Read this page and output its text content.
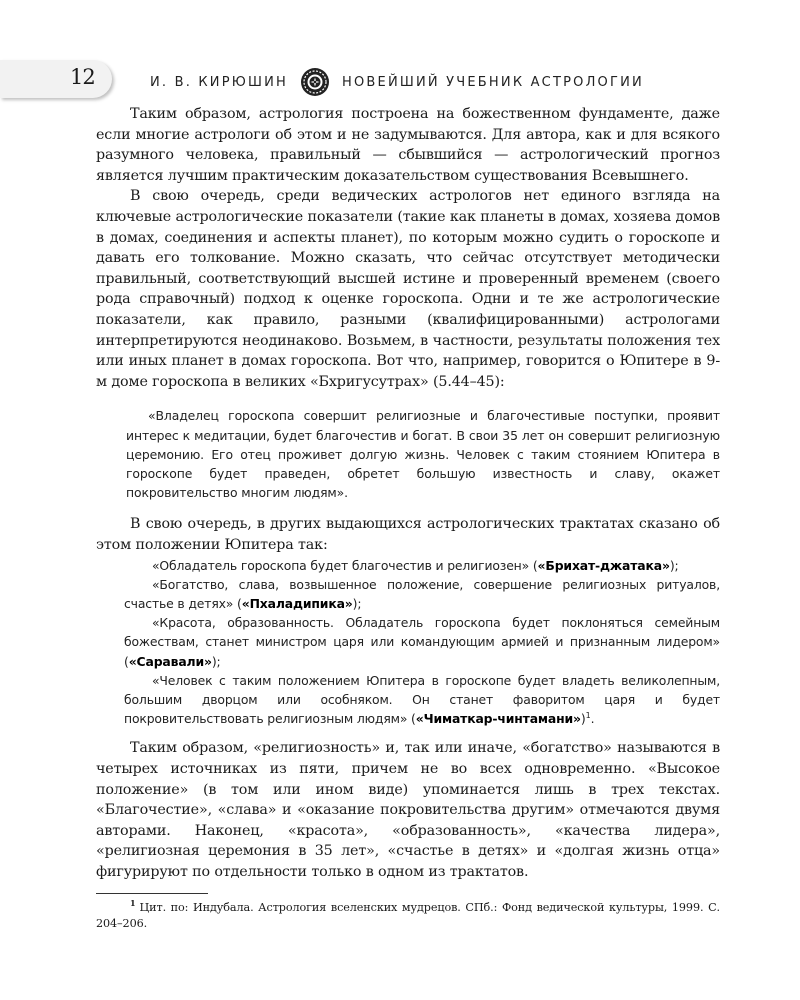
12	И. В. КИРЮШИН	НОВЕЙШИЙ УЧЕБНИК АСТРОЛОГИИ

Таким образом, астрология построена на божественном фундаменте, даже если многие астрологи об этом и не задумываются. Для автора, как и для всякого разумного человека, правильный — сбывшийся — астрологический прогноз является лучшим практическим доказательством существования Всевышнего.

В свою очередь, среди ведических астрологов нет единого взгляда на ключевые астрологические показатели (такие как планеты в домах, хозяева домов в домах, соединения и аспекты планет), по которым можно судить о гороскопе и давать его толкование. Можно сказать, что сейчас отсутствует методически правильный, соответствующий высшей истине и проверенный временем (своего рода справочный) подход к оценке гороскопа. Одни и те же астрологические показатели, как правило, разными (квалифицированными) астрологами интерпретируются неодинаково. Возьмем, в частности, результаты положения тех или иных планет в домах гороскопа. Вот что, например, говорится о Юпитере в 9-м доме гороскопа в великих «Бхригусутрах» (5.44–45):

«Владелец гороскопа совершит религиозные и благочестивые поступки, проявит интерес к медитации, будет благочестив и богат. В свои 35 лет он совершит религиозную церемонию. Его отец проживет долгую жизнь. Человек с таким стоянием Юпитера в гороскопе будет праведен, обретет большую известность и славу, окажет покровительство многим людям».

В свою очередь, в других выдающихся астрологических трактатах сказано об этом положении Юпитера так:

«Обладатель гороскопа будет благочестив и религиозен» («Брихат-джатака»);

«Богатство, слава, возвышенное положение, совершение религиозных ритуалов, счастье в детях» («Пхаладипика»);

«Красота, образованность. Обладатель гороскопа будет поклоняться семейным божествам, станет министром царя или командующим армией и признанным лидером» («Саравали»);

«Человек с таким положением Юпитера в гороскопе будет владеть великолепным, большим дворцом или особняком. Он станет фаворитом царя и будет покровительствовать религиозным людям» («Чиматкар-чинтамани»)$^1$.

Таким образом, «религиозность» и, так или иначе, «богатство» называются в четырех источниках из пяти, причем не во всех одновременно. «Высокое положение» (в том или ином виде) упоминается лишь в трех текстах. «Благочестие», «слава» и «оказание покровительства другим» отмечаются двумя авторами. Наконец, «красота», «образованность», «качества лидера», «религиозная церемония в 35 лет», «счастье в детях» и «долгая жизнь отца» фигурируют по отдельности только в одном из трактатов.

$^1$ Цит. по: Индубала. Астрология вселенских мудрецов. СПб.: Фонд ведической культуры, 1999. С. 204–206.
